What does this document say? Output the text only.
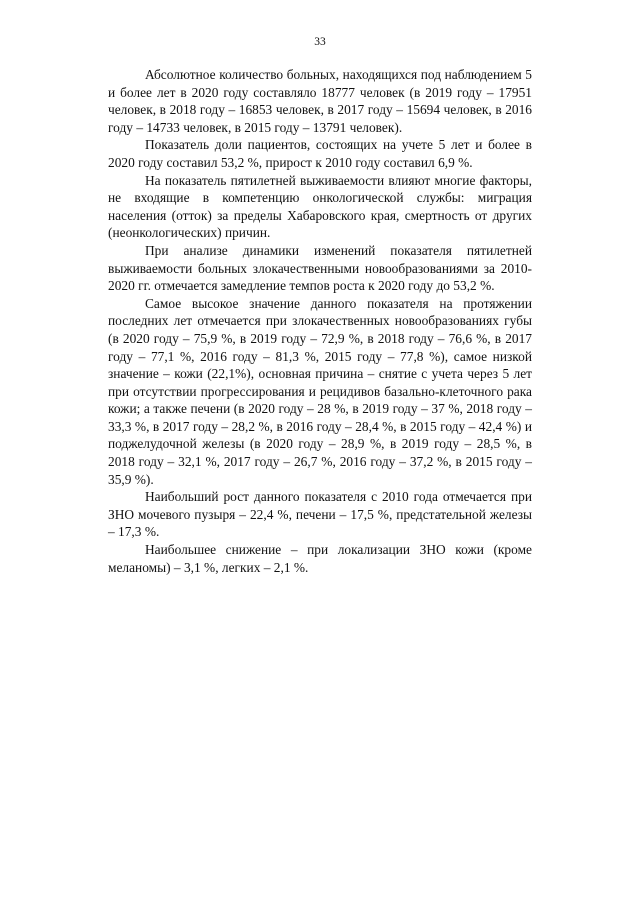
33

Абсолютное количество больных, находящихся под наблюдением 5 и более лет в 2020 году составляло 18777 человек (в 2019 году – 17951 человек, в 2018 году – 16853 человек, в 2017 году – 15694 человек, в 2016 году – 14733 человек, в 2015 году – 13791 человек).

Показатель доли пациентов, состоящих на учете 5 лет и более в 2020 году составил 53,2 %, прирост к 2010 году составил 6,9 %.

На показатель пятилетней выживаемости влияют многие факторы, не входящие в компетенцию онкологической службы: миграция населения (отток) за пределы Хабаровского края, смертность от других (неонкологических) причин.

При анализе динамики изменений показателя пятилетней выживаемости больных злокачественными новообразованиями за 2010-2020 гг. отмечается замедление темпов роста к 2020 году до 53,2 %.

Самое высокое значение данного показателя на протяжении последних лет отмечается при злокачественных новообразованиях губы (в 2020 году – 75,9 %, в 2019 году – 72,9 %, в 2018 году – 76,6 %, в 2017 году – 77,1 %, 2016 году – 81,3 %, 2015 году – 77,8 %), самое низкой значение – кожи (22,1%), основная причина – снятие с учета через 5 лет при отсутствии прогрессирования и рецидивов базально-клеточного рака кожи; а также печени (в 2020 году – 28 %, в 2019 году – 37 %, 2018 году – 33,3 %, в 2017 году – 28,2 %, в 2016 году – 28,4 %, в 2015 году – 42,4 %) и поджелудочной железы (в 2020 году – 28,9 %, в 2019 году – 28,5 %, в 2018 году – 32,1 %, 2017 году – 26,7 %, 2016 году – 37,2 %, в 2015 году – 35,9 %).

Наибольший рост данного показателя с 2010 года отмечается при ЗНО мочевого пузыря – 22,4 %, печени – 17,5 %, предстательной железы – 17,3 %.

Наибольшее снижение – при локализации ЗНО кожи (кроме меланомы) – 3,1 %, легких – 2,1 %.
